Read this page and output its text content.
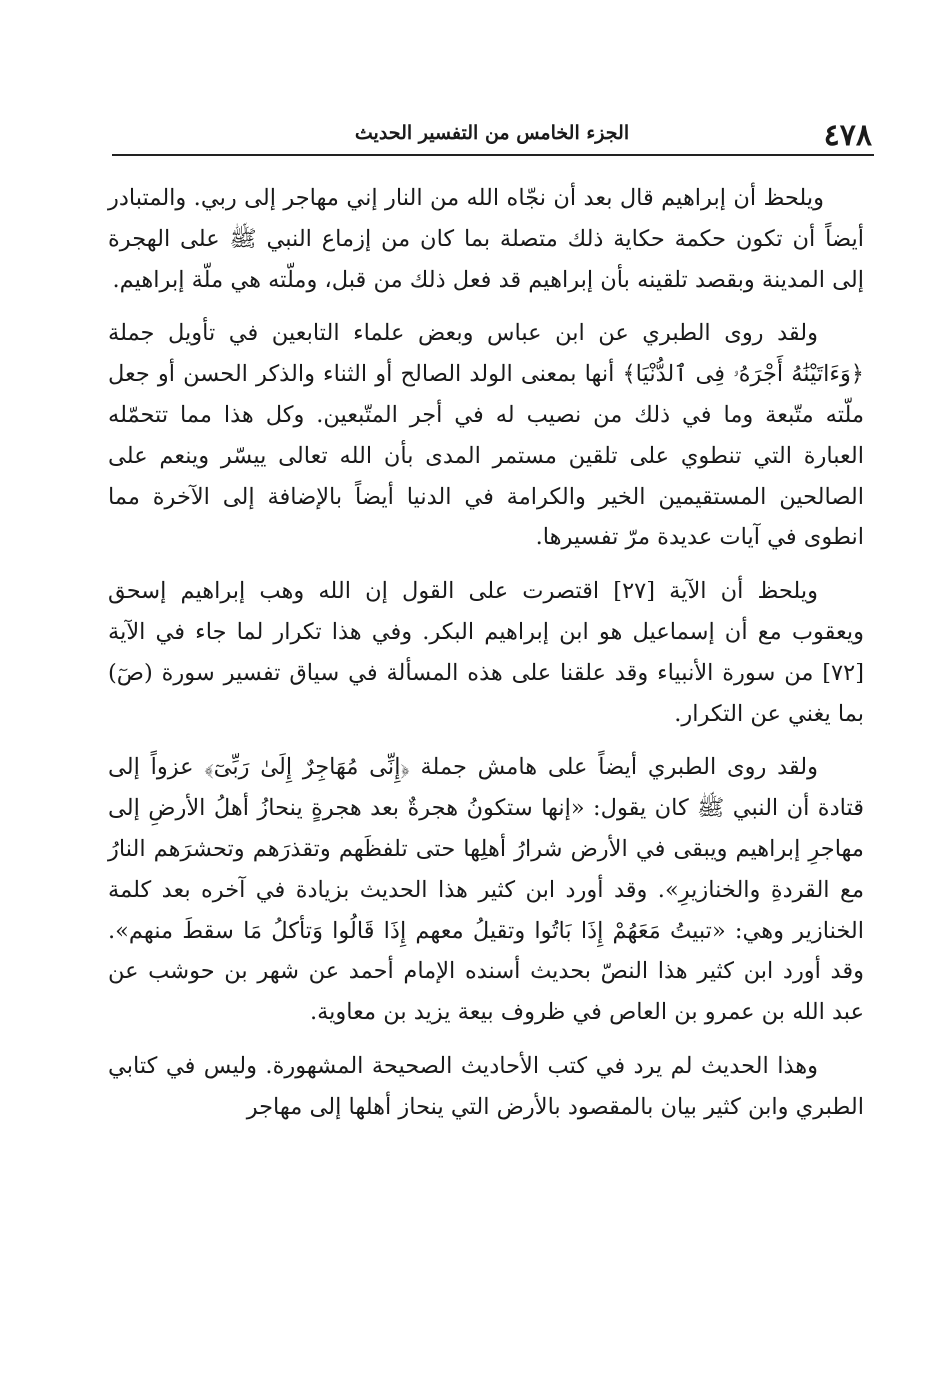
٤٧٨
الجزء الخامس من التفسير الحديث

ويلحظ أن إبراهيم قال بعد أن نجّاه الله من النار إني مهاجر إلى ربي. والمتبادر أيضاً أن تكون حكمة حكاية ذلك متصلة بما كان من إزماع النبي ﷺ على الهجرة إلى المدينة وبقصد تلقينه بأن إبراهيم قد فعل ذلك من قبل، وملّته هي ملّة إبراهيم.

ولقد روى الطبري عن ابن عباس وبعض علماء التابعين في تأويل جملة ﴿وَءَاتَيْنَٰهُ أَجْرَهُۥ فِى ٱلدُّنْيَا﴾ أنها بمعنى الولد الصالح أو الثناء والذكر الحسن أو جعل ملّته متّبعة وما في ذلك من نصيب له في أجر المتّبعين. وكل هذا مما تتحمّله العبارة التي تنطوي على تلقين مستمر المدى بأن الله تعالى ييسّر وينعم على الصالحين المستقيمين الخير والكرامة في الدنيا أيضاً بالإضافة إلى الآخرة مما انطوى في آيات عديدة مرّ تفسيرها.

ويلحظ أن الآية [٢٧] اقتصرت على القول إن الله وهب إبراهيم إسحق ويعقوب مع أن إسماعيل هو ابن إبراهيم البكر. وفي هذا تكرار لما جاء في الآية [٧٢] من سورة الأنبياء وقد علقنا على هذه المسألة في سياق تفسير سورة (صٓ) بما يغني عن التكرار.

ولقد روى الطبري أيضاً على هامش جملة ﴿إِنِّى مُهَاجِرٌ إِلَىٰ رَبِّىٓ﴾ عزواً إلى قتادة أن النبي ﷺ كان يقول: «إنها ستكونُ هجرةٌ بعد هجرةٍ ينحازُ أهلُ الأرضِ إلى مهاجرِ إبراهيم ويبقى في الأرض شرارُ أهلِها حتى تلفظَهم وتقذرَهم وتحشرَهم النارُ مع القردةِ والخنازيرِ». وقد أورد ابن كثير هذا الحديث بزيادة في آخره بعد كلمة الخنازير وهي: «تبيتُ مَعَهُمْ إِذَا بَاتُوا وتقيلُ معهم إِذَا قَالُوا وَتأكلُ مَا سقطَ منهم». وقد أورد ابن كثير هذا النصّ بحديث أسنده الإمام أحمد عن شهر بن حوشب عن عبد الله بن عمرو بن العاص في ظروف بيعة يزيد بن معاوية.

وهذا الحديث لم يرد في كتب الأحاديث الصحيحة المشهورة. وليس في كتابي الطبري وابن كثير بيان بالمقصود بالأرض التي ينحاز أهلها إلى مهاجر
